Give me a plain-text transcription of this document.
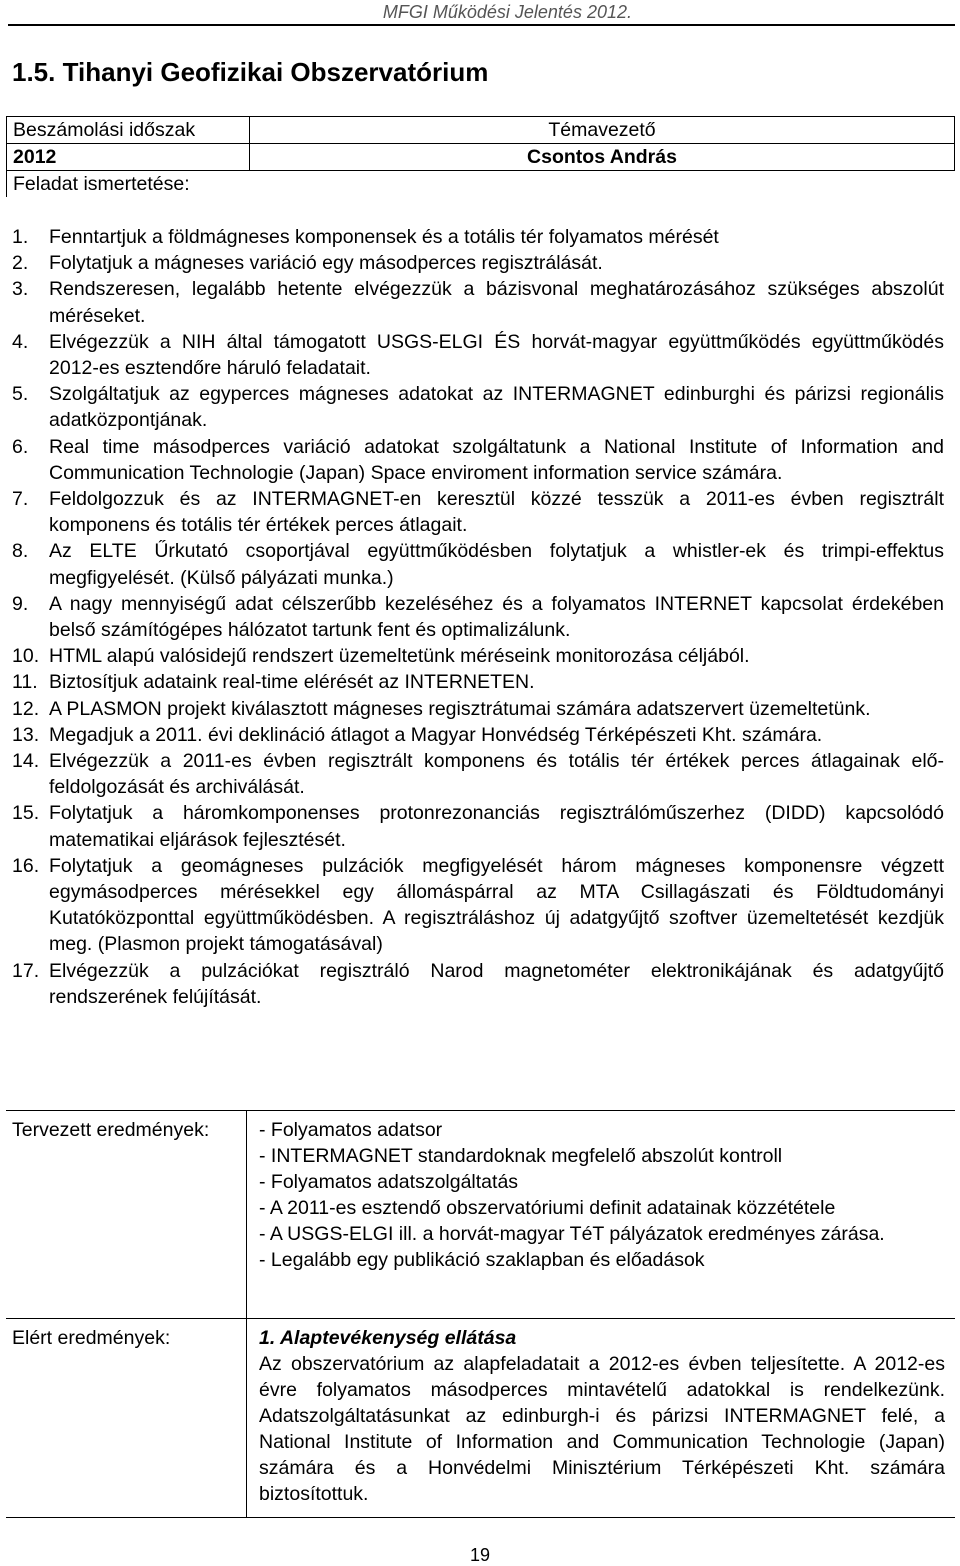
MFGI Működési Jelentés 2012.
1.5. Tihanyi Geofizikai Obszervatórium
Beszámolási időszak	Témavezető
2012	Csontos András
Feladat ismertetése:	
1.	Fenntartjuk a földmágneses komponensek és a totális tér folyamatos mérését
2.	Folytatjuk a mágneses variáció egy másodperces regisztrálását.
3.	Rendszeresen, legalább hetente elvégezzük a bázisvonal meghatározásához szükséges abszolút méréseket.
4.	Elvégezzük a NIH által támogatott USGS-ELGI ÉS horvát-magyar együttműködés együttműködés 2012-es esztendőre háruló feladatait.
5.	Szolgáltatjuk az egyperces mágneses adatokat az INTERMAGNET edinburghi és párizsi regionális adatközpontjának.
6.	Real time másodperces variáció adatokat szolgáltatunk a National Institute of Information and Communication Technologie (Japan) Space enviroment information service számára.
7.	Feldolgozzuk és az INTERMAGNET-en keresztül közzé tesszük a 2011-es évben regisztrált komponens és totális tér értékek perces átlagait.
8.	Az ELTE Űrkutató csoportjával együttműködésben folytatjuk a whistler-ek és trimpi-effektus megfigyelését. (Külső pályázati munka.)
9.	A nagy mennyiségű adat célszerűbb kezeléséhez és a folyamatos INTERNET kapcsolat érdekében belső számítógépes hálózatot tartunk fent és optimalizálunk.
10. HTML alapú valósidejű rendszert üzemeltetünk méréseink monitorozása céljából.
11. Biztosítjuk adataink real-time elérését az INTERNETEN.
12. A PLASMON projekt kiválasztott mágneses regisztrátumai számára adatszervert üzemeltetünk.
13. Megadjuk a 2011. évi deklináció átlagot a Magyar Honvédség Térképészeti Kht. számára.
14. Elvégezzük a 2011-es évben regisztrált komponens és totális tér értékek perces átlagainak elő-feldolgozását és archiválását.
15. Folytatjuk a háromkomponenses protonrezonanciás regisztrálóműszerhez (DIDD) kapcsolódó matematikai eljárások fejlesztését.
16. Folytatjuk a geomágneses pulzációk megfigyelését három mágneses komponensre végzett egymásodperces mérésekkel egy állomáspárral az MTA Csillagászati és Földtudományi Kutatóközponttal együttműködésben. A regisztráláshoz új adatgyűjtő szoftver üzemeltetését kezdjük meg. (Plasmon projekt támogatásával)
17. Elvégezzük a pulzációkat regisztráló Narod magnetométer elektronikájának és adatgyűjtő rendszerének felújítását.
Tervezett eredmények:	- Folyamatos adatsor
- INTERMAGNET standardoknak megfelelő abszolút kontroll
- Folyamatos adatszolgáltatás
- A 2011-es esztendő obszervatóriumi definit adatainak közzététele
- A USGS-ELGI ill. a horvát-magyar TéT pályázatok eredményes zárása.
- Legalább egy publikáció szaklapban és előadások
Elért eredmények:	1. Alaptevékenység ellátása
Az obszervatórium az alapfeladatait a 2012-es évben teljesítette. A 2012-es évre folyamatos másodperces mintavételű adatokkal is rendelkezünk. Adatszolgáltatásunkat az edinburgh-i és párizsi INTERMAGNET felé, a National Institute of Information and Communication Technologie (Japan) számára és a Honvédelmi Minisztérium Térképészeti Kht. számára biztosítottuk.
19
